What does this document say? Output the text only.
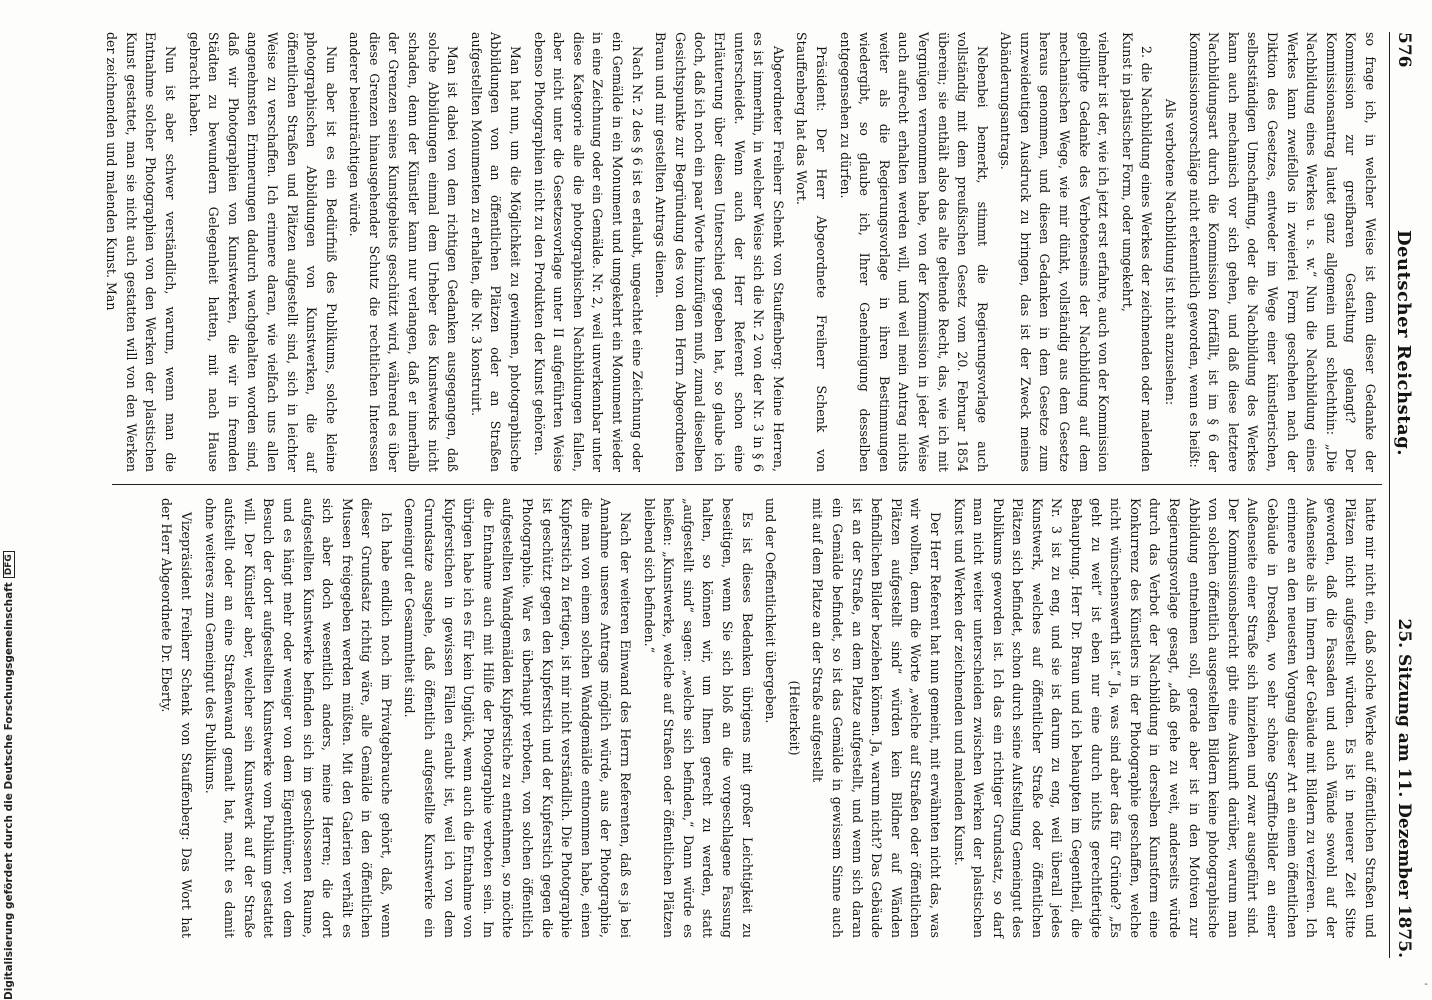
576
Deutscher Reichstag.
25. Sitzung am 11. Dezember 1875.

so frage ich, in welcher Weise ist denn dieser Gedanke der Kommission zur greifbaren Gestaltung gelangt? Der Kommissionsantrag lautet ganz allgemein und schlechthin: „Die Nachbildung eines Werkes u. s. w.“ Nun die Nachbildung eines Werkes kann zweifellos in zweierlei Form geschehen nach der Diktion des Gesetzes, entweder im Wege einer künstlerischen, selbstständigen Umschaffung, oder die Nachbildung des Werkes kann auch mechanisch vor sich gehen, und daß diese letztere Nachbildungsart durch die Kommission fortfällt, ist im § 6 der Kommissionsvorschläge nicht erkenntlich geworden, wenn es heißt:

Als verbotene Nachbildung ist nicht anzusehen:

2. die Nachbildung eines Werkes der zeichnenden oder malenden Kunst in plastischer Form, oder umgekehrt,

vielmehr ist der, wie ich jetzt erst erfahre, auch von der Kommission gebilligte Gedanke des Verbotenseins der Nachbildung auf dem mechanischen Wege, wie mir dünkt, vollständig aus dem Gesetze heraus genommen, und diesen Gedanken in dem Gesetze zum unzweideutigen Ausdruck zu bringen, das ist der Zweck meines Abänderungsantrags.

Nebenbei bemerkt, stimmt die Regierungsvorlage auch vollständig mit dem preußischen Gesetz vom 20. Februar 1854 überein; sie enthält also das alte geltende Recht, das, wie ich mit Vergnügen vernommen habe, von der Kommission in jeder Weise auch aufrecht erhalten werden will, und weil mein Antrag nichts weiter als die Regierungsvorlage in ihren Bestimmungen wiedergibt, so glaube ich, Ihrer Genehmigung desselben entgegensehen zu dürfen.

Präsident: Der Herr Abgeordnete Freiherr Schenk von Stauffenberg hat das Wort.

Abgeordneter Freiherr Schenk von Stauffenberg: Meine Herren, es ist immerhin, in welcher Weise sich die Nr. 2 von der Nr. 3 in § 6 unterscheidet. Wenn auch der Herr Referent schon eine Erläuterung über diesen Unterschied gegeben hat, so glaube ich doch, daß ich noch ein paar Worte hinzufügen muß, zumal dieselben Gesichtspunkte zur Begründung des von dem Herrn Abgeordneten Braun und mir gestellten Antrags dienen.

Nach Nr. 2 des § 6 ist es erlaubt, ungeachtet eine Zeichnung oder ein Gemälde in ein Monument und umgekehrt ein Monument wieder in eine Zeichnung oder ein Gemälde. Nr. 2, weil unverkennbar unter diese Kategorie alle die photographischen Nachbildungen fallen, aber nicht unter die Gesetzesvorlage unter II aufgeführten Weise ebenso Photographien nicht zu den Produkten der Kunst gehören.

Man hat nun, um die Möglichkeit zu gewinnen, photographische Abbildungen von an öffentlichen Plätzen oder an Straßen aufgestellten Monumenten zu erhalten, die Nr. 3 konstruirt.

Man ist dabei von dem richtigen Gedanken ausgegangen, daß solche Abbildungen einmal dem Urheber des Kunstwerks nicht schaden, denn der Künstler kann nur verlangen, daß er innerhalb der Grenzen seines Kunstgebiets geschützt wird, während es über diese Grenzen hinausgehender Schutz die rechtlichen Interessen anderer beeinträchtigen würde.

Nun aber ist es ein Bedürfniß des Publikums, solche kleine photographischen Abbildungen von Kunstwerken, die auf öffentlichen Straßen und Plätzen aufgestellt sind, sich in leichter Weise zu verschaffen. Ich erinnere daran, wie vielfach uns allen angenehmsten Erinnerungen dadurch wachgehalten worden sind, daß wir Photographien von Kunstwerken, die wir in fremden Städten zu bewundern Gelegenheit hatten, mit nach Hause gebracht haben.

Nun ist aber schwer verständlich, warum, wenn man die Entnahme solcher Photographien von den Werken der plastischen Kunst gestattet, man sie nicht auch gestatten will von den Werken der zeichnenden und malenden Kunst. Man

hatte mir nicht ein, daß solche Werke auf öffentlichen Straßen und Plätzen nicht aufgestellt würden. Es ist in neuerer Zeit Sitte geworden, daß die Fassaden und auch Wände sowohl auf der Außenseite als im Innern der Gebäude mit Bildern zu verzieren. Ich erinnere an den neuesten Vorgang dieser Art an einem öffentlichen Gebäude in Dresden, wo sehr schöne Sgraffito-Bilder an einer Außenseite einer Straße sich hinziehen und zwar ausgeführt sind. Der Kommissionsbericht gibt eine Auskunft darüber, warum man von solchen öffentlich ausgestellten Bildern keine photographische Abbildung entnehmen soll, gerade aber ist in den Motiven zur Regierungsvorlage gesagt, „daß gehe zu weit, anderseits würde durch das Verbot der Nachbildung in derselben Kunstform eine Konkurrenz des Künstlers in der Photographie geschaffen, welche nicht wünschenswerth ist.“ Ja, was sind aber das für Gründe? „Es geht zu weit“ ist eben nur eine durch nichts gerechtfertigte Behauptung. Herr Dr. Braun und ich behaupten im Gegentheil, die Nr. 3 ist zu eng, und sie ist darum zu eng, weil überall jedes Kunstwerk, welches auf öffentlicher Straße oder öffentlichen Plätzen sich befindet, schon durch seine Aufstellung Gemeingut des Publikums geworden ist. Ich das ein richtiger Grundsatz, so darf man nicht weiter unterscheiden zwischen Werken der plastischen Kunst und Werken der zeichnenden und malenden Kunst.

Der Herr Referent hat nun gemeint, mit erwähnten nicht das, was wir wollten, denn die Worte „welche auf Straßen oder öffentlichen Plätzen aufgestellt sind“ würden kein Bildner auf Wänden befindlichen Bilder beziehen können. Ja, warum nicht? Das Gebäude ist an der Straße, an dem Platze aufgestellt, und wenn sich daran ein Gemälde befindet, so ist das Gemälde in gewissem Sinne auch mit auf dem Platze an der Straße aufgestellt

(Heiterkeit)

und der Oeffentlichkeit übergeben.

Es ist dieses Bedenken übrigens mit großer Leichtigkeit zu beseitigen, wenn Sie sich bloß an die vorgeschlagene Fassung halten, so können wir, um Ihnen gerecht zu werden, statt „aufgestellt sind“ sagen: „welche sich befinden,“ Dann würde es heißen: „Kunstwerke, welche auf Straßen oder öffentlichen Plätzen bleibend sich befinden.“

Nach der weiteren Einwand des Herrn Referenten, daß es ja bei Annahme unseres Antrags möglich würde, aus der Photographie, die man von einem solchen Wandgemälde entnommen habe, einen Kupferstich zu fertigen, ist mir nicht verständlich. Die Photographie ist geschützt gegen den Kupferstich und der Kupferstich gegen die Photographie. War es überhaupt verboten, von solchen öffentlich aufgestellten Wandgemälden Kupferstiche zu entnehmen, so möchte die Entnahme auch mit Hilfe der Photographie verboten sein. Im übrigen habe ich es für kein Unglück, wenn auch die Entnahme von Kupferstichen in gewissen Fällen erlaubt ist, weil ich von dem Grundsatze ausgehe, daß öffentlich aufgestellte Kunstwerke ein Gemeingut der Gesammtheit sind.

Ich habe endlich noch im Privatgebrauche gehört, daß, wenn dieser Grundsatz richtig wäre, alle Gemälde in den öffentlichen Museen freigegeben werden müßten. Mit den Galerien verhält es sich aber doch wesentlich anders, meine Herren; die dort aufgestellten Kunstwerke befinden sich im geschlossenen Raume, und es hängt mehr oder weniger von dem Eigenthümer, von dem Besuch der dort aufgestellten Kunstwerke vom Publikum gestattet will. Der Künstler aber, welcher sein Kunstwerk auf der Straße aufstellt oder an eine Straßenwand gemalt hat, macht es damit ohne weiteres zum Gemeingut des Publikums.

Vizepräsident Freiherr Schenk von Stauffenberg: Das Wort hat der Herr Abgeordnete Dr. Eberty.

Digitalisierung gefördert durch die Deutsche Forschungsgemeinschaft
DFG
-
